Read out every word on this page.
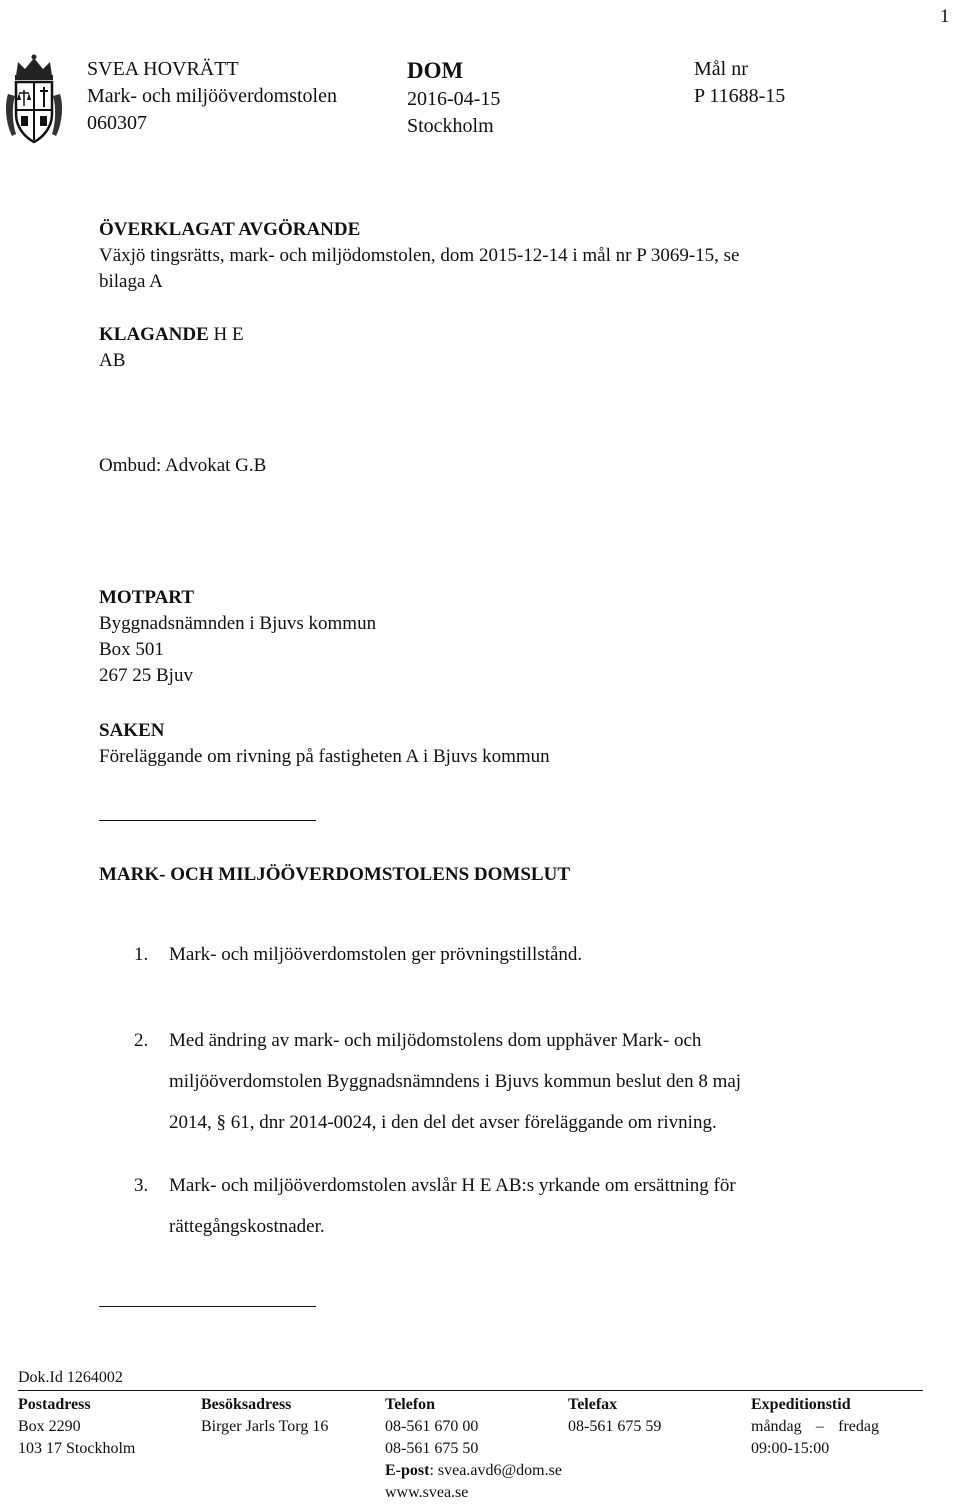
1
SVEA HOVRÄTT
Mark- och miljööverdomstolen
060307
DOM
2016-04-15
Stockholm
Mål nr
P 11688-15
ÖVERKLAGAT AVGÖRANDE
Växjö tingsrätts, mark- och miljödomstolen, dom 2015-12-14 i mål nr P 3069-15, se
bilaga A
KLAGANDE H E
AB
Ombud: Advokat G.B
MOTPART
Byggnadsnämnden i Bjuvs kommun
Box 501
267 25 Bjuv
SAKEN
Föreläggande om rivning på fastigheten A i Bjuvs kommun
MARK- OCH MILJÖÖVERDOMSTOLENS DOMSLUT
1. Mark- och miljööverdomstolen ger prövningstillstånd.
2. Med ändring av mark- och miljödomstolens dom upphäver Mark- och
miljööverdomstolen Byggnadsnämndens i Bjuvs kommun beslut den 8 maj
2014, § 61, dnr 2014-0024, i den del det avser föreläggande om rivning.
3. Mark- och miljööverdomstolen avslår H E AB:s yrkande om ersättning för
rättegångskostnader.
Dok.Id 1264002
Postadress
Box 2290
103 17 Stockholm
Besöksadress
Birger Jarls Torg 16
Telefon
08-561 670 00
08-561 675 50
E-post: svea.avd6@dom.se
www.svea.se
Telefax
08-561 675 59
Expeditionstid
måndag – fredag
09:00-15:00
